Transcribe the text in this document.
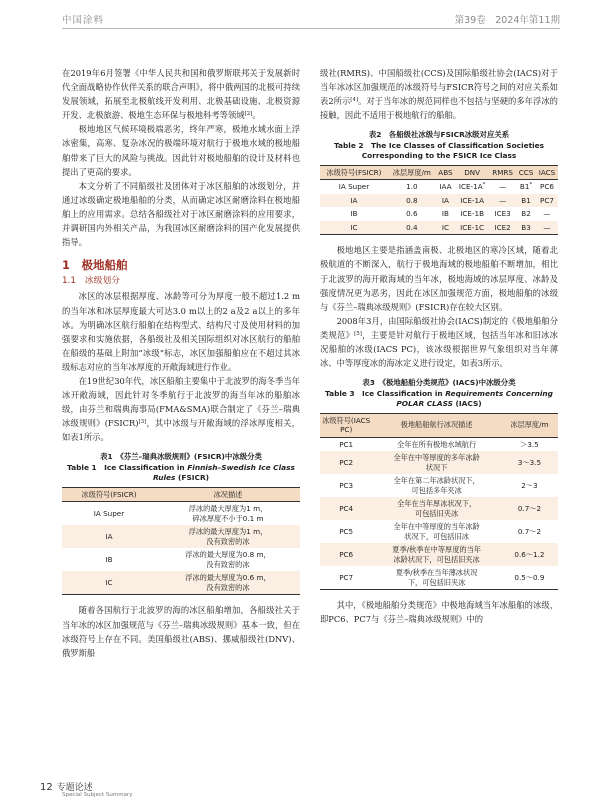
中国涂料	第39卷　2024年第11期

在2019年6月签署《中华人民共和国和俄罗斯联邦关于发展新时代全面战略协作伙伴关系的联合声明》，将中俄两国的北极可持续发展领域，拓展至北极航线开发利用、北极基础设施、北极资源开发、北极旅游、极地生态环保与极地科考等领域[2]。

极地地区气候环境极端恶劣，终年严寒，极地水域水面上浮冰密集，高寒、复杂冰况的极端环境对航行于极地水域的极地船舶带来了巨大的风险与挑战。因此针对极地船舶的设计及材料也提出了更高的要求。

本文分析了不同船级社及团体对于冰区船舶的冰级划分，并通过冰级确定极地船舶的分类，从而确定冰区耐磨涂料在极地船舶上的应用需求。总结各船级社对于冰区耐磨涂料的应用要求，并调研国内外相关产品，为我国冰区耐磨涂料的国产化发展提供指导。

1　极地船舶
1.1　冰级划分

冰区的冰层根据厚度、冰龄等可分为厚度一般不超过1.2 m的当年冰和冰层厚度最大可达3.0 m以上的2 a及2 a以上的多年冰。为明确冰区航行船舶在结构型式、结构尺寸及使用材料的加强要求和实施依据，各船级社及相关国际组织对冰区航行的船舶在船级的基础上附加“冰级”标志，冰区加强船舶应在不超过其冰级标志对应的当年冰厚度的开敞海域进行作业。

在19世纪30年代，冰区船舶主要集中于北波罗的海冬季当年冰开敞海域，因此针对冬季航行于北波罗的海当年冰的船舶冰级，由芬兰和瑞典海事局(FMA&SMA)联合制定了《芬兰–瑞典冰级规则》(FSICR)[3]，其中冰级与开敞海域的浮冰厚度相关，如表1所示。

表1　《芬兰–瑞典冰级规则》(FSICR)中冰级分类
Table 1　Ice Classification in Finnish–Swedish Ice Class Rules (FSICR)
冰级符号(FSICR)	冰况描述
IA Super	浮冰的最大厚度为1 m，
碎冰厚度不小于0.1 m
IA	浮冰的最大厚度为1 m，
没有致密的冰
IB	浮冰的最大厚度为0.8 m，
没有致密的冰
IC	浮冰的最大厚度为0.6 m，
没有致密的冰

随着各国航行于北波罗的海的冰区船舶增加，各船级社关于当年冰的冰区加强规范与《芬兰–瑞典冰级规则》基本一致，但在冰级符号上存在不同。美国船级社(ABS)、挪威船级社(DNV)、俄罗斯船

级社(RMRS)、中国船级社(CCS)及国际船级社协会(IACS)对于当年冰冰区加强规范的冰级符号与FSICR符号之间的对应关系如表2所示[4]。对于当年冰的规范同样也不包括与坚硬的多年浮冰的接触，因此不适用于极地航行的船舶。

表2　各船级社冰级与FSICR冰级对应关系
Table 2　The Ice Classes of Classification Societies
Corresponding to the FSICR Ice Class
冰级符号(FSICR)	冰层厚度/m	ABS	DNV	RMRS	CCS	IACS
IA Super	1.0	IAA	ICE-1A*	—	B1*	PC6
IA	0.8	IA	ICE-1A	—	B1	PC7
IB	0.6	IB	ICE-1B	ICE3	B2	—
IC	0.4	IC	ICE-1C	ICE2	B3	—

极地地区主要是指涵盖南极、北极地区的寒冷区域，随着北极航道的不断深入，航行于极地海域的极地船舶不断增加，相比于北波罗的海开敞海域的当年冰，极地海域的冰层厚度、冰龄及强度情况更为恶劣，因此在冰区加强规范方面，极地船舶的冰级与《芬兰–瑞典冰级规则》(FSICR)存在较大区别。

2008年3月，由国际船级社协会(IACS)制定的《极地船舶分类规范》[5]，主要是针对航行于极地区域，包括当年冰和旧冰冰况船舶的冰级(IACS PC)，该冰级根据世界气象组织对当年薄冰、中等厚度冰的海冰定义进行设定，如表3所示。

表3　《极地船舶分类规范》(IACS)中冰级分类
Table 3　Ice Classification in Requirements Concerning POLAR CLASS (IACS)
冰级符号(IACS PC)	极地船舶航行冰况描述	冰层厚度/m
PC1	全年在所有极地水域航行	＞3.5
PC2	全年在中等厚度的多年冰龄
状况下	3～3.5
PC3	全年在第二年冰龄状况下，
可包括多年夹冰	2～3
PC4	全年在当年厚冰状况下，
可包括旧夹冰	0.7～2
PC5	全年在中等厚度的当年冰龄
状况下，可包括旧冰	0.7～2
PC6	夏季/秋季在中等厚度的当年
冰龄状况下，可包括旧夹冰	0.6～1.2
PC7	夏季/秋季在当年薄冰状况
下，可包括旧夹冰	0.5～0.9

其中，《极地船舶分类规范》中极地海域当年冰船舶的冰级，即PC6、PC7与《芬兰–瑞典冰级规则》中的

12 专题论述
Special Subject Summary
